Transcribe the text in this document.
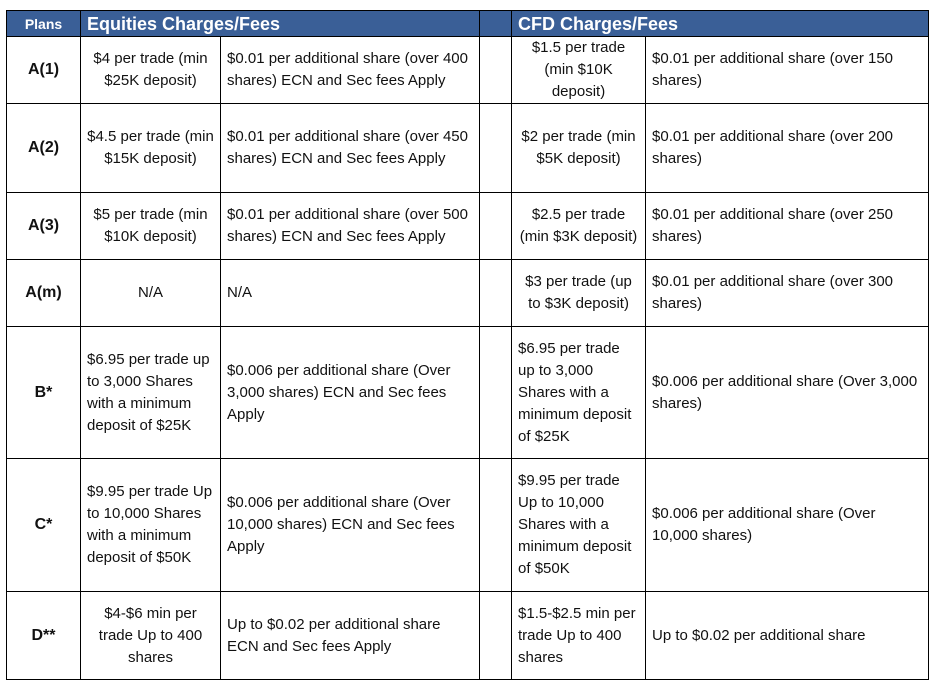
Plans	Equities Charges/Fees			CFD Charges/Fees	
A(1)	$4 per trade (min $25K deposit)	$0.01 per additional share (over 400 shares) ECN and Sec fees Apply		$1.5 per trade (min $10K deposit)	$0.01 per additional share (over 150 shares)
A(2)	$4.5 per trade (min $15K deposit)	$0.01 per additional share (over 450 shares) ECN and Sec fees Apply		$2 per trade (min $5K deposit)	$0.01 per additional share (over 200 shares)
A(3)	$5 per trade (min $10K deposit)	$0.01 per additional share (over 500 shares) ECN and Sec fees Apply		$2.5 per trade (min $3K deposit)	$0.01 per additional share (over 250 shares)
A(m)	N/A	N/A		$3 per trade (up to $3K deposit)	$0.01 per additional share (over 300 shares)
B*	$6.95 per trade up to 3,000 Shares with a minimum deposit of $25K	$0.006 per additional share (Over 3,000 shares) ECN and Sec fees Apply		$6.95 per trade up to 3,000 Shares with a minimum deposit of $25K	$0.006 per additional share (Over 3,000 shares)
C*	$9.95 per trade Up to 10,000 Shares with a minimum deposit of $50K	$0.006 per additional share (Over 10,000 shares) ECN and Sec fees Apply		$9.95 per trade Up to 10,000 Shares with a minimum deposit of $50K	$0.006 per additional share (Over 10,000 shares)
D**	$4-$6 min per trade Up to 400 shares	Up to $0.02 per additional share ECN and Sec fees Apply		$1.5-$2.5 min per trade Up to 400 shares	Up to $0.02 per additional share
